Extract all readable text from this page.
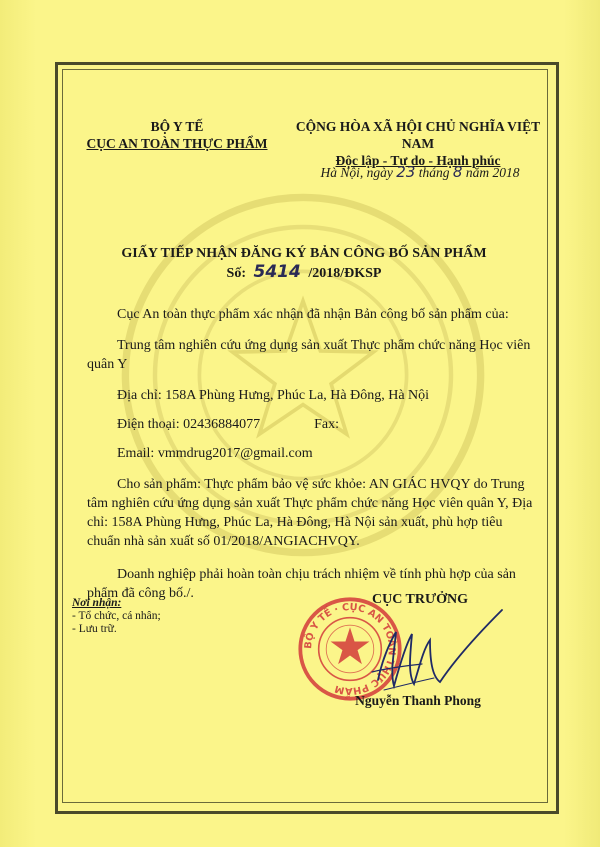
BỘ Y TẾ
CỤC AN TOÀN THỰC PHẨM
CỘNG HÒA XÃ HỘI CHỦ NGHĨA VIỆT NAM
Độc lập - Tự do - Hạnh phúc
Hà Nội, ngày 23 tháng 8 năm 2018
GIẤY TIẾP NHẬN ĐĂNG KÝ BẢN CÔNG BỐ SẢN PHẨM
Số: 5414 /2018/ĐKSP

Cục An toàn thực phẩm xác nhận đã nhận Bản công bố sản phẩm của:

Trung tâm nghiên cứu ứng dụng sản xuất Thực phẩm chức năng Học viên quân Y

Địa chỉ: 158A Phùng Hưng, Phúc La, Hà Đông, Hà Nội

Điện thoại: 02436884077	Fax:

Email: vmmdrug2017@gmail.com

Cho sản phẩm: Thực phẩm bảo vệ sức khỏe: AN GIÁC HVQY do Trung tâm nghiên cứu ứng dụng sản xuất Thực phẩm chức năng Học viên quân Y, Địa chỉ: 158A Phùng Hưng, Phúc La, Hà Đông, Hà Nội sản xuất, phù hợp tiêu chuẩn nhà sản xuất số 01/2018/ANGIACHVQY.

Doanh nghiệp phải hoàn toàn chịu trách nhiệm về tính phù hợp của sản phẩm đã công bố./.

Nơi nhận:
- Tổ chức, cá nhân;
- Lưu trữ.
BỘ Y TẾ · CỤC AN TOÀN THỰC PHẨM
CỤC TRƯỞNG
Nguyễn Thanh Phong
